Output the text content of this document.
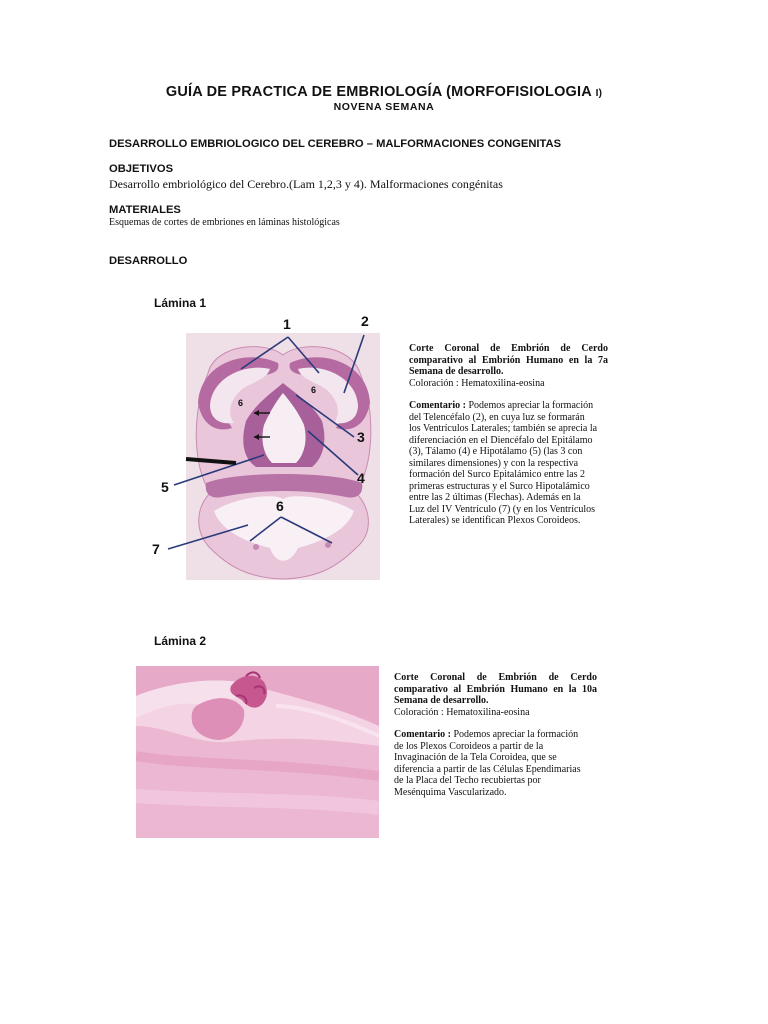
GUÍA DE PRACTICA DE EMBRIOLOGÍA (MORFOFISIOLOGIA I)
NOVENA SEMANA
DESARROLLO EMBRIOLOGICO DEL CEREBRO – MALFORMACIONES CONGENITAS
OBJETIVOS
Desarrollo embriológico del Cerebro.(Lam 1,2,3 y 4). Malformaciones congénitas
MATERIALES
Esquemas de cortes de embriones en láminas histológicas
DESARROLLO
Lámina 1
1	2
3
4
5
6
6
6
7

Corte Coronal de Embrión de Cerdo

comparativo al Embrión Humano en la 7a

Semana de desarrollo.

Coloración : Hematoxilina-eosina

Comentario : Podemos apreciar la formación

del Telencéfalo (2), en cuya luz se formarán

los Ventrículos Laterales; también se aprecia la

diferenciación en el Diencéfalo del Epitálamo

(3), Tálamo (4) e Hipotálamo (5) (las 3 con

similares dimensiones) y con la respectiva

formación del Surco Epitalámico entre las 2

primeras estructuras y el Surco Hipotalámico

entre las 2 últimas (Flechas). Además en la

Luz del IV Ventrículo (7) (y en los Ventrículos

Laterales) se identifican Plexos Coroideos.

Lámina 2

Corte Coronal de Embrión de Cerdo

comparativo al Embrión Humano en la 10a

Semana de desarrollo.

Coloración : Hematoxilina-eosina

Comentario : Podemos apreciar la formación

de los Plexos Coroideos a partir de la

Invaginación de la Tela Coroidea, que se

diferencia a partir de las Células Ependimarias

de la Placa del Techo recubiertas por

Mesénquima Vascularizado.
